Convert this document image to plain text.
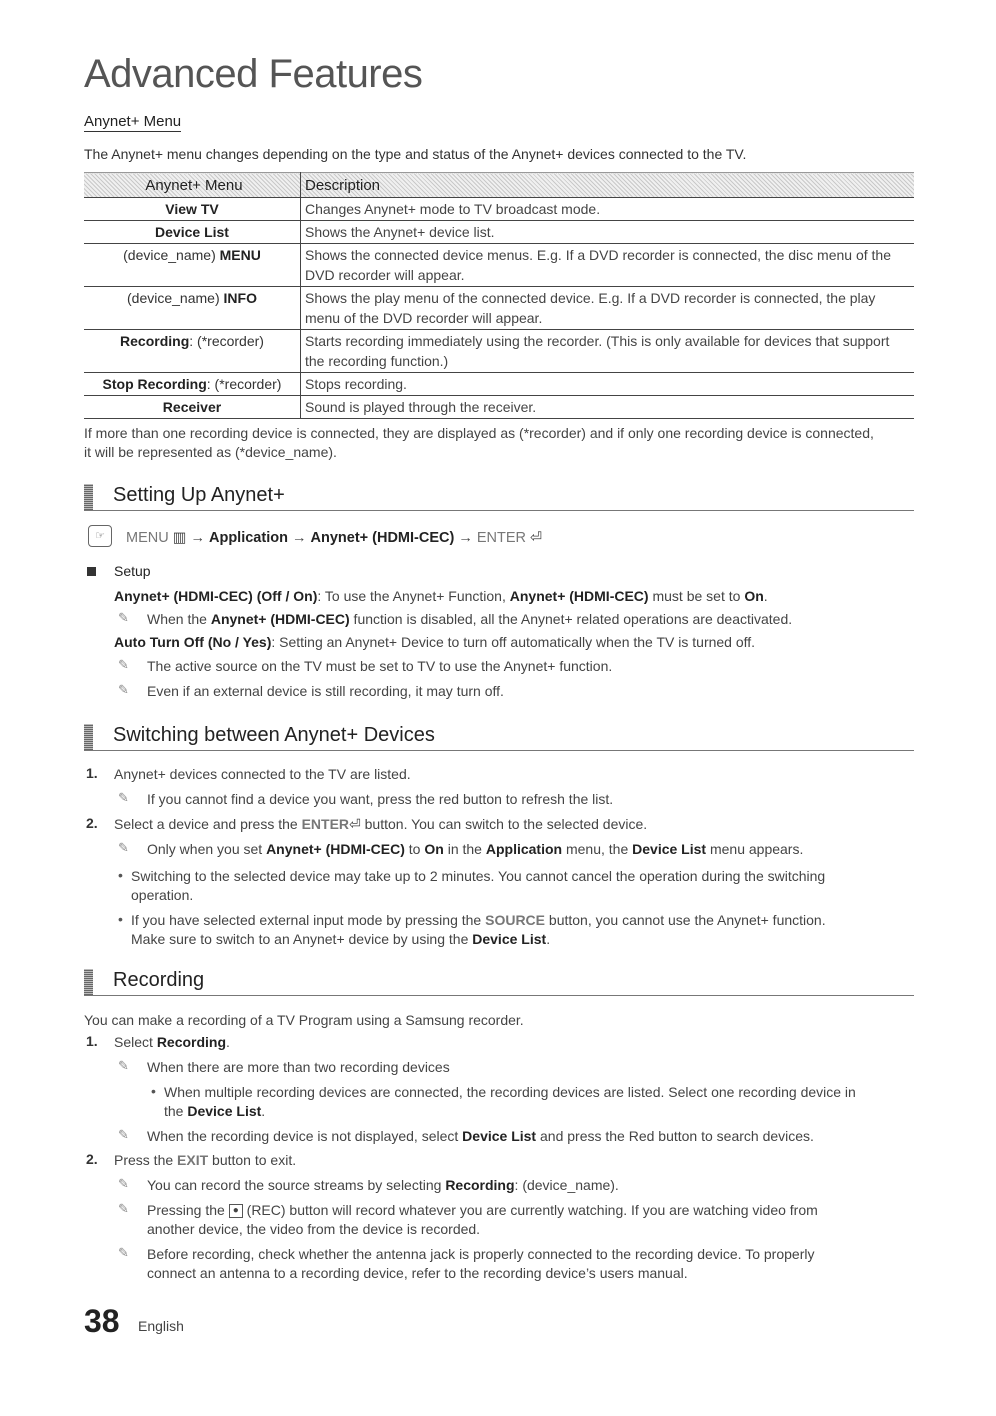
Advanced Features
Anynet+ Menu
The Anynet+ menu changes depending on the type and status of the Anynet+ devices connected to the TV.
Anynet+ Menu	Description
View TV	Changes Anynet+ mode to TV broadcast mode.
Device List	Shows the Anynet+ device list.
(device_name) MENU	Shows the connected device menus. E.g. If a DVD recorder is connected, the disc menu of the DVD recorder will appear.
(device_name) INFO	Shows the play menu of the connected device. E.g. If a DVD recorder is connected, the play menu of the DVD recorder will appear.
Recording: (*recorder)	Starts recording immediately using the recorder. (This is only available for devices that support the recording function.)
Stop Recording: (*recorder)	Stops recording.
Receiver	Sound is played through the receiver.
If more than one recording device is connected, they are displayed as (*recorder) and if only one recording device is connected, it will be represented as (*device_name).
Setting Up Anynet+
☞	MENU ▥ → Application → Anynet+ (HDMI-CEC) → ENTER ⏎
Setup
Anynet+ (HDMI-CEC) (Off / On): To use the Anynet+ Function, Anynet+ (HDMI-CEC) must be set to On.
✎ When the Anynet+ (HDMI-CEC) function is disabled, all the Anynet+ related operations are deactivated.
Auto Turn Off (No / Yes): Setting an Anynet+ Device to turn off automatically when the TV is turned off.
✎ The active source on the TV must be set to TV to use the Anynet+ function.
✎ Even if an external device is still recording, it may turn off.
Switching between Anynet+ Devices
1. Anynet+ devices connected to the TV are listed.
✎ If you cannot find a device you want, press the red button to refresh the list.
2. Select a device and press the ENTER⏎ button. You can switch to the selected device.
✎ Only when you set Anynet+ (HDMI-CEC) to On in the Application menu, the Device List menu appears.
• Switching to the selected device may take up to 2 minutes. You cannot cancel the operation during the switching
operation.
• If you have selected external input mode by pressing the SOURCE button, you cannot use the Anynet+ function.
Make sure to switch to an Anynet+ device by using the Device List.
Recording
You can make a recording of a TV Program using a Samsung recorder.
1. Select Recording.
✎ When there are more than two recording devices
• When multiple recording devices are connected, the recording devices are listed. Select one recording device in
the Device List.
✎ When the recording device is not displayed, select Device List and press the Red button to search devices.
2. Press the EXIT button to exit.
✎ You can record the source streams by selecting Recording: (device_name).
✎ Pressing the ● (REC) button will record whatever you are currently watching. If you are watching video from
another device, the video from the device is recorded.
✎ Before recording, check whether the antenna jack is properly connected to the recording device. To properly
connect an antenna to a recording device, refer to the recording device’s users manual.
38 English
